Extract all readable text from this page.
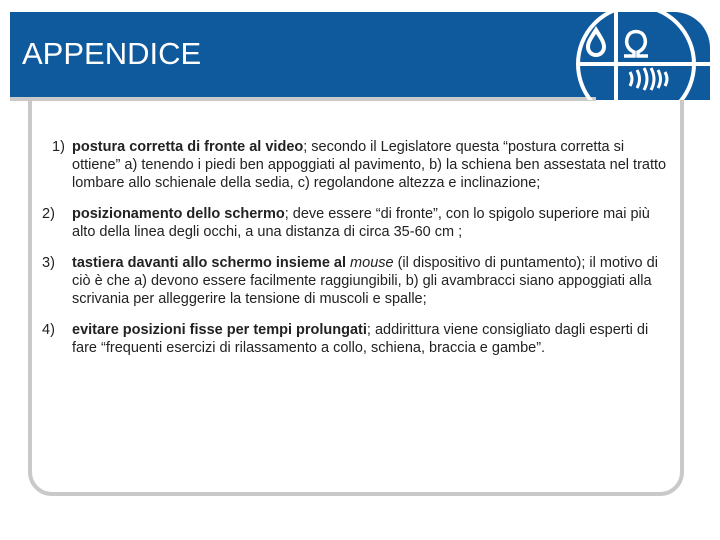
APPENDICE
1) postura corretta di fronte al video; secondo il Legislatore questa “postura corretta si ottiene” a) tenendo i piedi ben appoggiati al pavimento, b) la schiena ben assestata nel tratto lombare allo schienale della sedia, c) regolandone altezza e inclinazione;
2) posizionamento dello schermo; deve essere “di fronte”, con lo spigolo superiore mai più alto della linea degli occhi, a una distanza di circa 35-60 cm ;
3) tastiera davanti allo schermo insieme al mouse (il dispositivo di puntamento); il motivo di ciò è che a) devono essere facilmente raggiungibili, b) gli avambracci siano appoggiati alla scrivania per alleggerire la tensione di muscoli e spalle;
4) evitare posizioni fisse per tempi prolungati; addirittura viene consigliato dagli esperti di fare “frequenti esercizi di rilassamento a collo, schiena, braccia e gambe”.
